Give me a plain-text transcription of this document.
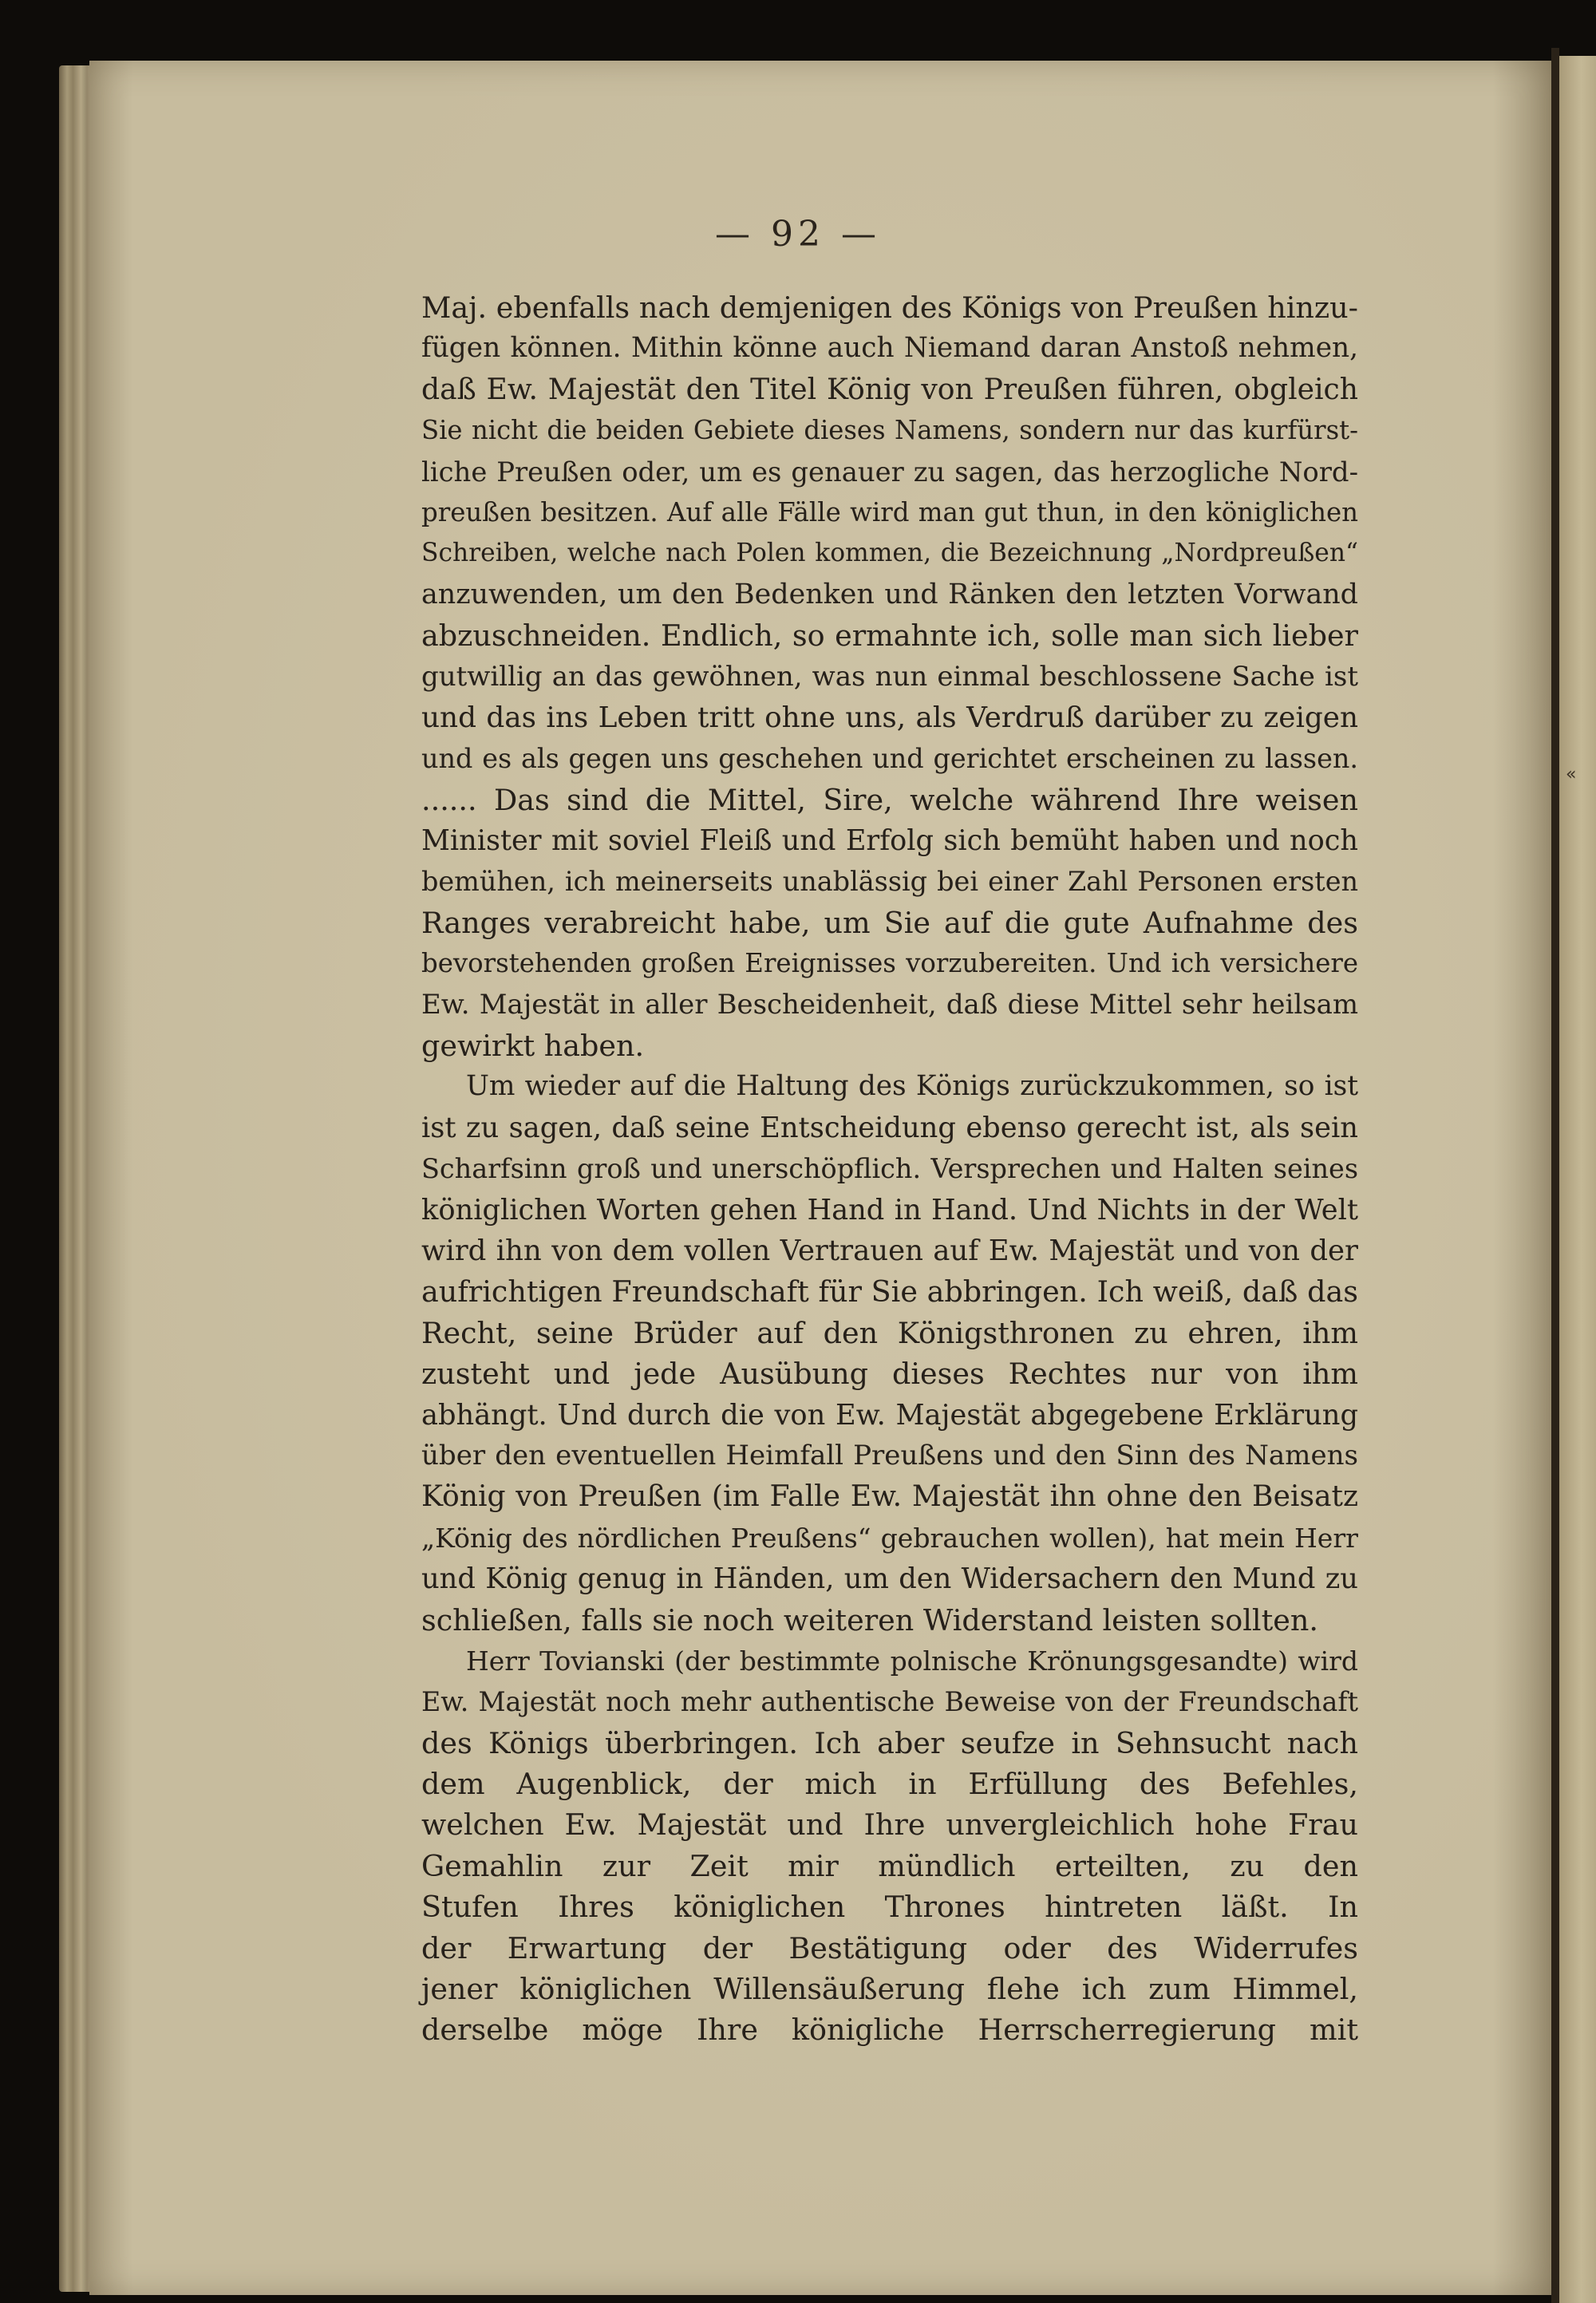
«
— 92 —
Maj. ebenfalls nach demjenigen des Königs von Preußen hinzu-
fügen können. Mithin könne auch Niemand daran Anstoß nehmen,
daß Ew. Majestät den Titel König von Preußen führen, obgleich
Sie nicht die beiden Gebiete dieses Namens, sondern nur das kurfürst-
liche Preußen oder, um es genauer zu sagen, das herzogliche Nord-
preußen besitzen. Auf alle Fälle wird man gut thun, in den königlichen
Schreiben, welche nach Polen kommen, die Bezeichnung „Nordpreußen“
anzuwenden, um den Bedenken und Ränken den letzten Vorwand
abzuschneiden. Endlich, so ermahnte ich, solle man sich lieber
gutwillig an das gewöhnen, was nun einmal beschlossene Sache ist
und das ins Leben tritt ohne uns, als Verdruß darüber zu zeigen
und es als gegen uns geschehen und gerichtet erscheinen zu lassen.
...... Das sind die Mittel, Sire, welche während Ihre weisen
Minister mit soviel Fleiß und Erfolg sich bemüht haben und noch
bemühen, ich meinerseits unablässig bei einer Zahl Personen ersten
Ranges verabreicht habe, um Sie auf die gute Aufnahme des
bevorstehenden großen Ereignisses vorzubereiten. Und ich versichere
Ew. Majestät in aller Bescheidenheit, daß diese Mittel sehr heilsam
gewirkt haben.
Um wieder auf die Haltung des Königs zurückzukommen, so ist
ist zu sagen, daß seine Entscheidung ebenso gerecht ist, als sein
Scharfsinn groß und unerschöpflich. Versprechen und Halten seines
königlichen Worten gehen Hand in Hand. Und Nichts in der Welt
wird ihn von dem vollen Vertrauen auf Ew. Majestät und von der
aufrichtigen Freundschaft für Sie abbringen. Ich weiß, daß das
Recht, seine Brüder auf den Königsthronen zu ehren, ihm
zusteht und jede Ausübung dieses Rechtes nur von ihm
abhängt. Und durch die von Ew. Majestät abgegebene Erklärung
über den eventuellen Heimfall Preußens und den Sinn des Namens
König von Preußen (im Falle Ew. Majestät ihn ohne den Beisatz
„König des nördlichen Preußens“ gebrauchen wollen), hat mein Herr
und König genug in Händen, um den Widersachern den Mund zu
schließen, falls sie noch weiteren Widerstand leisten sollten.
Herr Tovianski (der bestimmte polnische Krönungsgesandte) wird
Ew. Majestät noch mehr authentische Beweise von der Freundschaft
des Königs überbringen. Ich aber seufze in Sehnsucht nach
dem Augenblick, der mich in Erfüllung des Befehles,
welchen Ew. Majestät und Ihre unvergleichlich hohe Frau
Gemahlin zur Zeit mir mündlich erteilten, zu den
Stufen Ihres königlichen Thrones hintreten läßt. In
der Erwartung der Bestätigung oder des Widerrufes
jener königlichen Willensäußerung flehe ich zum Himmel,
derselbe möge Ihre königliche Herrscherregierung mit
